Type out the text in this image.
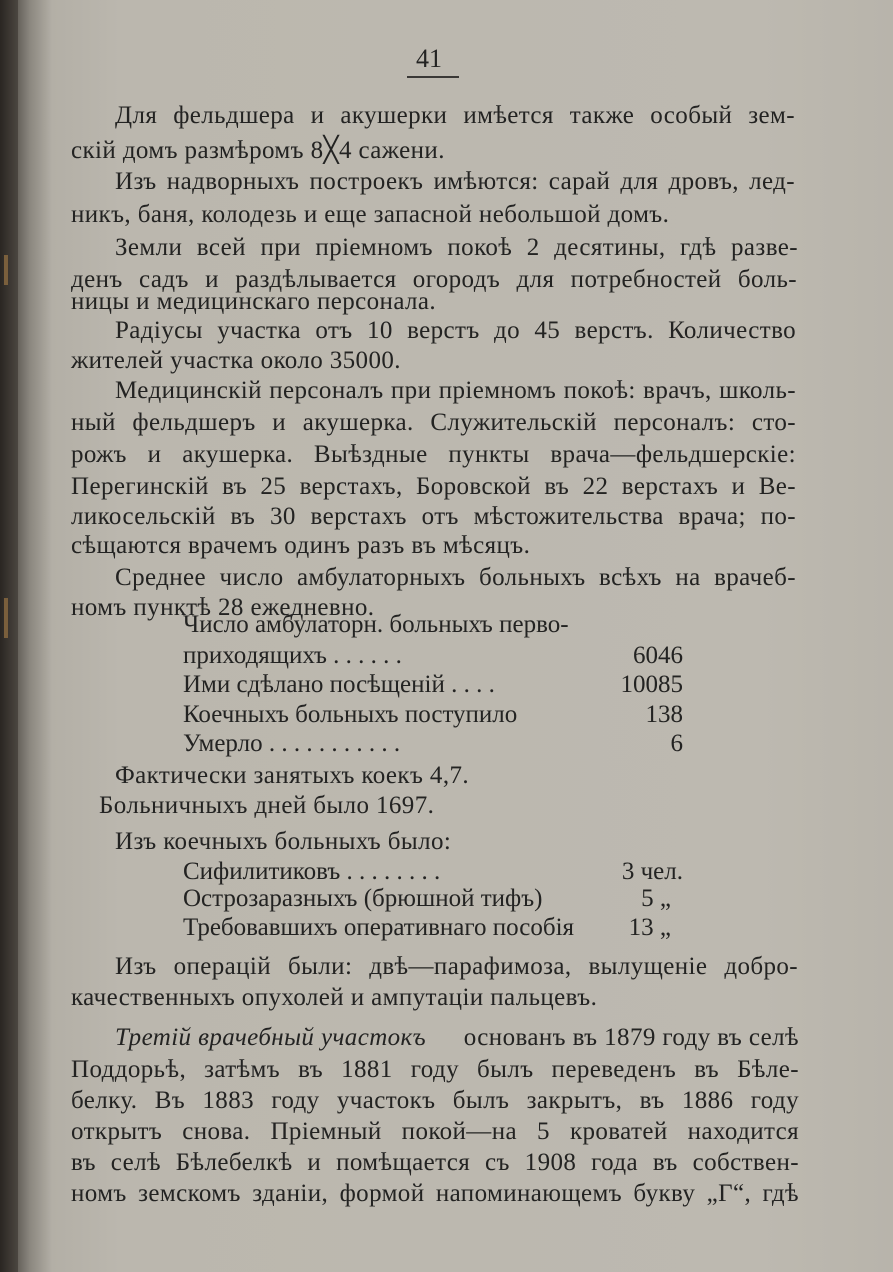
41
Для фельдшера и акушерки имѣется также особый зем-
скій домъ размѣромъ 8╳4 сажени.
Изъ надворныхъ построекъ имѣются: сарай для дровъ, лед-
никъ, баня, колодезь и еще запасной небольшой домъ.
Земли всей при пріемномъ покоѣ 2 десятины, гдѣ разве-
денъ садъ и раздѣлывается огородъ для потребностей боль-
ницы и медицинскаго персонала.
Радіусы участка отъ 10 верстъ до 45 верстъ. Количество
жителей участка около 35000.
Медицинскій персоналъ при пріемномъ покоѣ: врачъ, школь-
ный фельдшеръ и акушерка. Служительскій персоналъ: сто-
рожъ и акушерка. Выѣздные пункты врача—фельдшерскіе:
Перегинскій въ 25 верстахъ, Боровской въ 22 верстахъ и Ве-
ликосельскій въ 30 верстахъ отъ мѣстожительства врача; по-
сѣщаются врачемъ одинъ разъ въ мѣсяцъ.
Среднее число амбулаторныхъ больныхъ всѣхъ на врачеб-
номъ пунктѣ 28 ежедневно.
Число амбулаторн. больныхъ перво-
приходящихъ . . . . . .	6046
Ими сдѣлано посѣщеній . . . .	10085
Коечныхъ больныхъ поступило	138
Умерло . . . . . . . . . . .	6
Фактически занятыхъ коекъ 4,7.
Больничныхъ дней было 1697.
Изъ коечныхъ больныхъ было:
Сифилитиковъ . . . . . . . .	3 чел.
Острозаразныхъ (брюшной тифъ)	5 „
Требовавшихъ оперативнаго пособія 13 „
Изъ операцій были: двѣ—парафимоза, вылущеніе добро-
качественныхъ опухолей и ампутаціи пальцевъ.
Третій врачебный участокъ основанъ въ 1879 году въ селѣ
Поддорьѣ, затѣмъ въ 1881 году былъ переведенъ въ Бѣле-
белку. Въ 1883 году участокъ былъ закрытъ, въ 1886 году
открытъ снова. Пріемный покой—на 5 кроватей находится
въ селѣ Бѣлебелкѣ и помѣщается съ 1908 года въ собствен-
номъ земскомъ зданіи, формой напоминающемъ букву „Г“, гдѣ
